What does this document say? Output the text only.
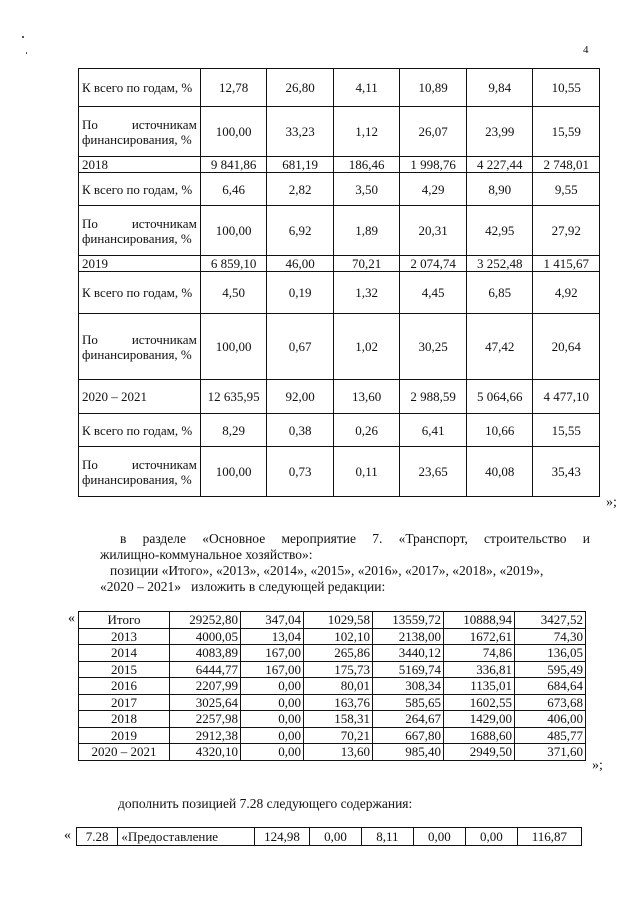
4
К всего по годам, %	12,78	26,80	4,11	10,89	9,84	10,55
По источникам финансирования, %	100,00	33,23	1,12	26,07	23,99	15,59
2018	9 841,86	681,19	186,46	1 998,76	4 227,44	2 748,01
К всего по годам, %	6,46	2,82	3,50	4,29	8,90	9,55
По источникам финансирования, %	100,00	6,92	1,89	20,31	42,95	27,92
2019	6 859,10	46,00	70,21	2 074,74	3 252,48	1 415,67
К всего по годам, %	4,50	0,19	1,32	4,45	6,85	4,92
По источникам финансирования, %	100,00	0,67	1,02	30,25	47,42	20,64
2020 – 2021	12 635,95	92,00	13,60	2 988,59	5 064,66	4 477,10
К всего по годам, %	8,29	0,38	0,26	6,41	10,66	15,55
По источникам финансирования, %	100,00	0,73	0,11	23,65	40,08	35,43
»;
в разделе «Основное мероприятие 7. «Транспорт, строительство и
жилищно-коммунальное хозяйство»:
позиции «Итого», «2013», «2014», «2015», «2016», «2017», «2018», «2019»,
«2020 – 2021»   изложить в следующей редакции:
«	Итого	29252,80	347,04	1029,58	13559,72	10888,94	3427,52
2013	4000,05	13,04	102,10	2138,00	1672,61	74,30
2014	4083,89	167,00	265,86	3440,12	74,86	136,05
2015	6444,77	167,00	175,73	5169,74	336,81	595,49
2016	2207,99	0,00	80,01	308,34	1135,01	684,64
2017	3025,64	0,00	163,76	585,65	1602,55	673,68
2018	2257,98	0,00	158,31	264,67	1429,00	406,00
2019	2912,38	0,00	70,21	667,80	1688,60	485,77
2020 – 2021	4320,10	0,00	13,60	985,40	2949,50	371,60
»;
дополнить позицией 7.28 следующего содержания:
« 7.28	«Предоставление	124,98	0,00	8,11	0,00	0,00	116,87
